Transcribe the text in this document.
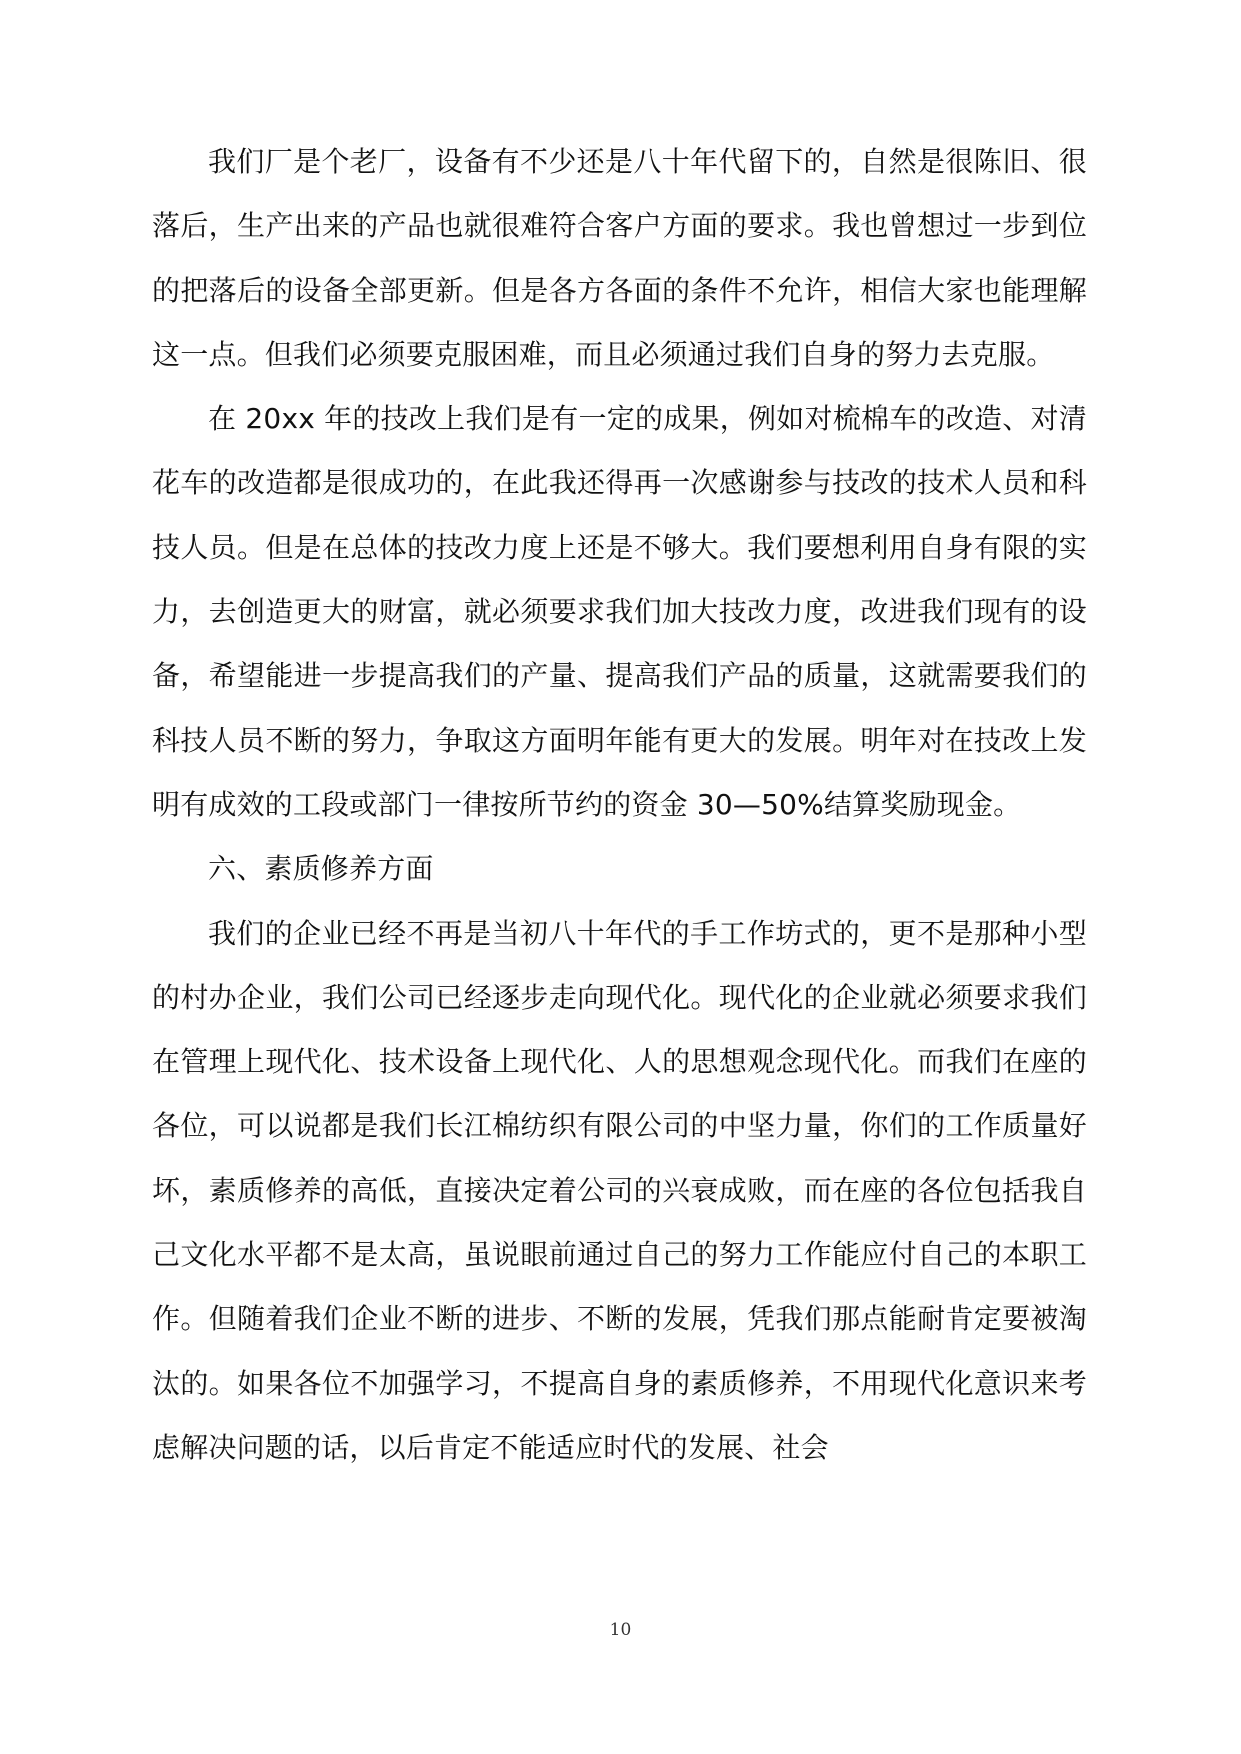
我们厂是个老厂，设备有不少还是八十年代留下的，自然是很陈旧、很落后，生产出来的产品也就很难符合客户方面的要求。我也曾想过一步到位的把落后的设备全部更新。但是各方各面的条件不允许，相信大家也能理解这一点。但我们必须要克服困难，而且必须通过我们自身的努力去克服。

在 20xx 年的技改上我们是有一定的成果，例如对梳棉车的改造、对清花车的改造都是很成功的，在此我还得再一次感谢参与技改的技术人员和科技人员。但是在总体的技改力度上还是不够大。我们要想利用自身有限的实力，去创造更大的财富，就必须要求我们加大技改力度，改进我们现有的设备，希望能进一步提高我们的产量、提高我们产品的质量，这就需要我们的科技人员不断的努力，争取这方面明年能有更大的发展。明年对在技改上发明有成效的工段或部门一律按所节约的资金 30—50%结算奖励现金。

六、素质修养方面

我们的企业已经不再是当初八十年代的手工作坊式的，更不是那种小型的村办企业，我们公司已经逐步走向现代化。现代化的企业就必须要求我们在管理上现代化、技术设备上现代化、人的思想观念现代化。而我们在座的各位，可以说都是我们长江棉纺织有限公司的中坚力量，你们的工作质量好坏，素质修养的高低，直接决定着公司的兴衰成败，而在座的各位包括我自己文化水平都不是太高，虽说眼前通过自己的努力工作能应付自己的本职工作。但随着我们企业不断的进步、不断的发展，凭我们那点能耐肯定要被淘汰的。如果各位不加强学习，不提高自身的素质修养，不用现代化意识来考虑解决问题的话，以后肯定不能适应时代的发展、社会

10
